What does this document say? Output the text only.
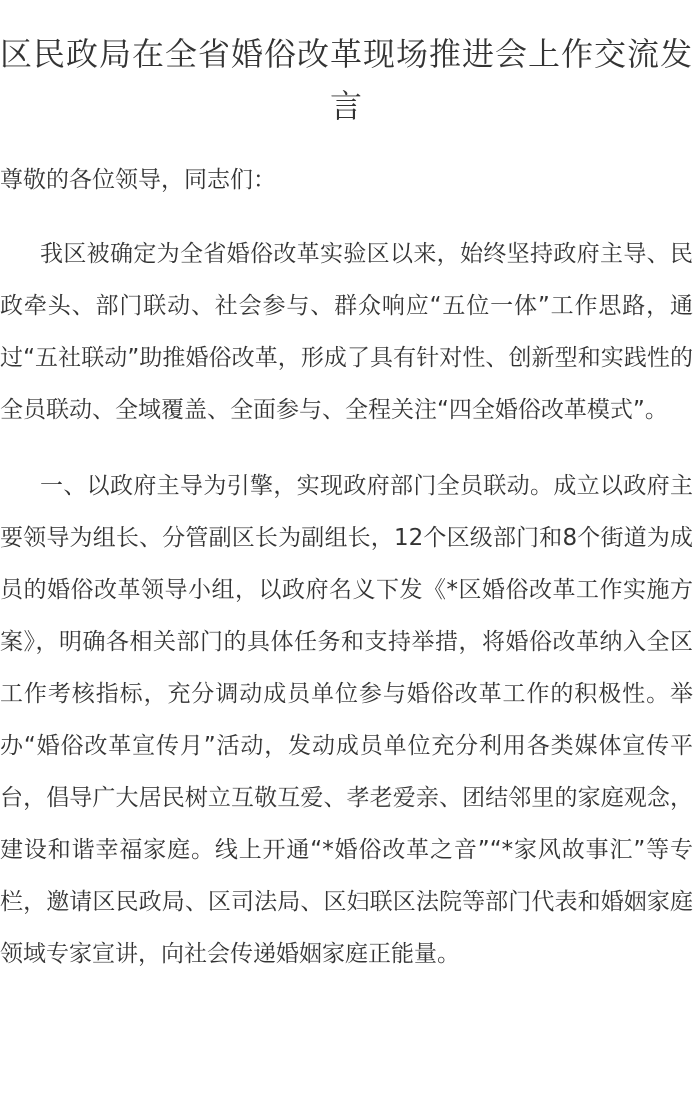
区民政局在全省婚俗改革现场推进会上作交流发言

尊敬的各位领导，同志们：

我区被确定为全省婚俗改革实验区以来，始终坚持政府主导、民政牵头、部门联动、社会参与、群众响应“五位一体”工作思路，通过“五社联动”助推婚俗改革，形成了具有针对性、创新型和实践性的全员联动、全域覆盖、全面参与、全程关注“四全婚俗改革模式”。

一、以政府主导为引擎，实现政府部门全员联动。成立以政府主要领导为组长、分管副区长为副组长，12个区级部门和8个街道为成员的婚俗改革领导小组，以政府名义下发《*区婚俗改革工作实施方案》，明确各相关部门的具体任务和支持举措，将婚俗改革纳入全区工作考核指标，充分调动成员单位参与婚俗改革工作的积极性。举办“婚俗改革宣传月”活动，发动成员单位充分利用各类媒体宣传平台，倡导广大居民树立互敬互爱、孝老爱亲、团结邻里的家庭观念，建设和谐幸福家庭。线上开通“*婚俗改革之音”“*家风故事汇”等专栏，邀请区民政局、区司法局、区妇联区法院等部门代表和婚姻家庭领域专家宣讲，向社会传递婚姻家庭正能量。
